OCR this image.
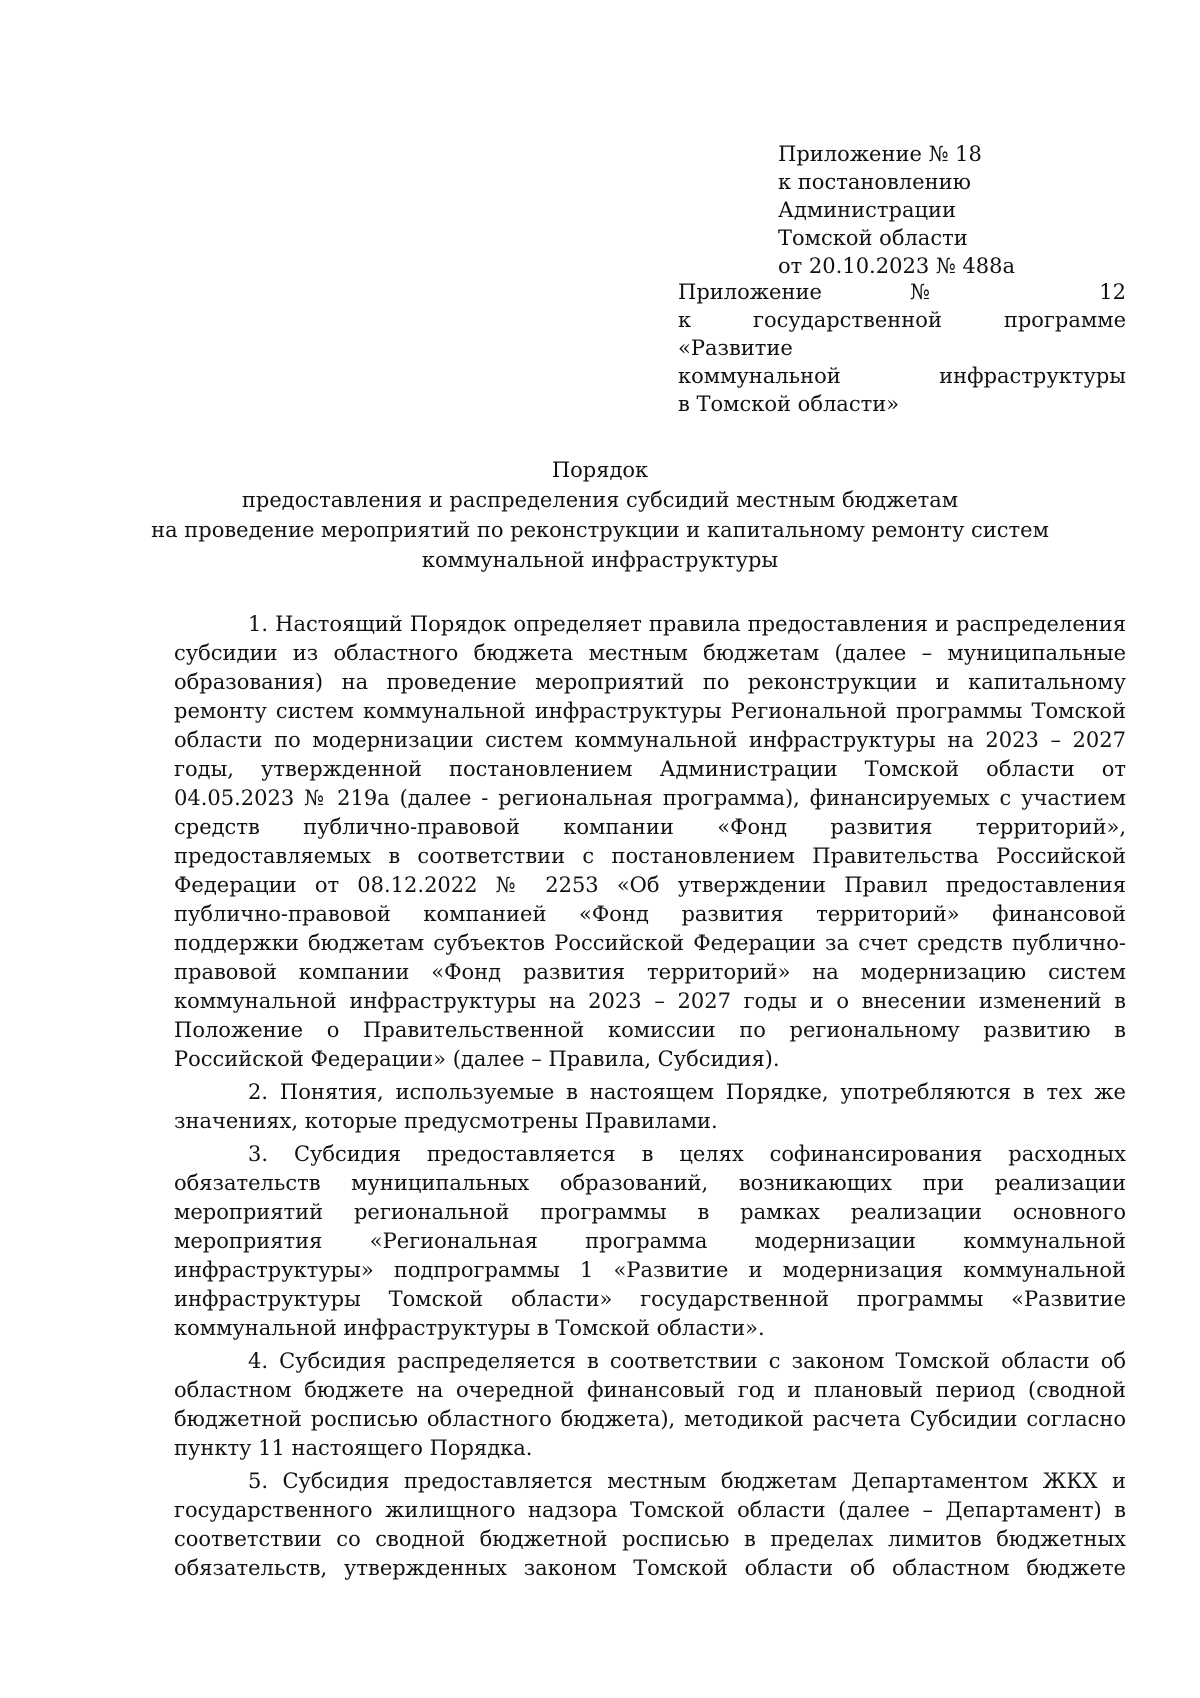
Приложение № 18
к постановлению Администрации
Томской области
от 20.10.2023 № 488а
Приложение № 12
к государственной программе «Развитие
коммунальной инфраструктуры
в Томской области»
Порядок
предоставления и распределения субсидий местным бюджетам
на проведение мероприятий по реконструкции и капитальному ремонту систем
коммунальной инфраструктуры

1. Настоящий Порядок определяет правила предоставления и распределения субсидии из областного бюджета местным бюджетам (далее – муниципальные образования) на проведение мероприятий по реконструкции и капитальному ремонту систем коммунальной инфраструктуры Региональной программы Томской области по модернизации систем коммунальной инфраструктуры на 2023 – 2027 годы, утвержденной постановлением Администрации Томской области от 04.05.2023 № 219а (далее - региональная программа), финансируемых с участием средств публично-правовой компании «Фонд развития территорий», предоставляемых в соответствии с постановлением Правительства Российской Федерации от 08.12.2022 № 2253 «Об утверждении Правил предоставления публично-правовой компанией «Фонд развития территорий» финансовой поддержки бюджетам субъектов Российской Федерации за счет средств публично-правовой компании «Фонд развития территорий» на модернизацию систем коммунальной инфраструктуры на 2023 – 2027 годы и о внесении изменений в Положение о Правительственной комиссии по региональному развитию в Российской Федерации» (далее – Правила, Субсидия).

2. Понятия, используемые в настоящем Порядке, употребляются в тех же значениях, которые предусмотрены Правилами.

3. Субсидия предоставляется в целях софинансирования расходных обязательств муниципальных образований, возникающих при реализации мероприятий региональной программы в рамках реализации основного мероприятия «Региональная программа модернизации коммунальной инфраструктуры» подпрограммы 1 «Развитие и модернизация коммунальной инфраструктуры Томской области» государственной программы «Развитие коммунальной инфраструктуры в Томской области».

4. Субсидия распределяется в соответствии с законом Томской области об областном бюджете на очередной финансовый год и плановый период (сводной бюджетной росписью областного бюджета), методикой расчета Субсидии согласно пункту 11 настоящего Порядка.

5. Субсидия предоставляется местным бюджетам Департаментом ЖКХ и государственного жилищного надзора Томской области (далее – Департамент) в соответствии со сводной бюджетной росписью в пределах лимитов бюджетных обязательств, утвержденных законом Томской области об областном бюджете
